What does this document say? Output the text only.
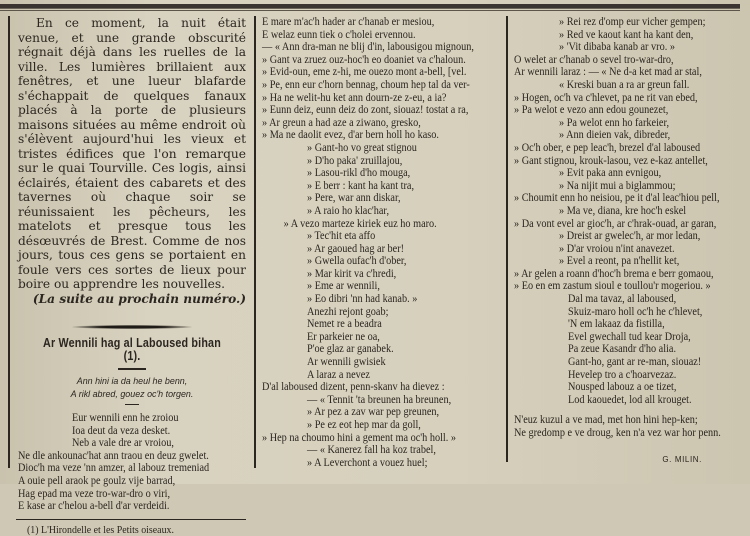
En ce moment, la nuit était venue, et une grande obscurité régnait déjà dans les ruelles de la ville. Les lumières brillaient aux fenêtres, et une lueur blafarde s'échappait de quelques fanaux placés à la porte de plusieurs maisons situées au même endroit où s'élèvent aujourd'hui les vieux et tristes édifices que l'on remarque sur le quai Tourville. Ces logis, ainsi éclairés, étaient des cabarets et des tavernes où chaque soir se réunissaient les pêcheurs, les matelots et presque tous les désœuvrés de Brest. Comme de nos jours, tous ces gens se portaient en foule vers ces sortes de lieux pour boire ou apprendre les nouvelles.

(La suite au prochain numéro.)
Ar Wennili hag al Laboused bihan (1).
Ann hini ia da heul he benn,
A rikl abred, gouez oc'h torgen.
Eur wennili enn he zroiou
Ioa deut da veza desket.
Neb a vale dre ar vroiou,
Ne dle ankounac'hat ann traou en deuz gwelet.
Dioc'h ma veze 'nn amzer, al labouz tremeniad
A ouie pell araok pe goulz vije barrad,
Hag epad ma veze tro-war-dro o viri,
E kase ar c'helou a-bell d'ar verdeidi.
(1) L'Hirondelle et les Petits oiseaux.
E mare m'ac'h hader ar c'hanab er mesiou,
E welaz eunn tiek o c'holei ervennou.
— « Ann dra-man ne blij d'in, labousigou mignoun,
» Gant va zruez ouz-hoc'h eo doaniet va c'haloun.
» Evid-oun, eme z-hi, me ouezo mont a-bell, [vel.
» Pe, enn eur c'horn bennag, choum hep tal da ver-
» Ha ne welit-hu ket ann dourn-ze z-eu, a ia?
» Eunn deiz, eunn deiz do zont, siouaz! tostat a ra,
» Ar greun a had aze a ziwano, gresko,
» Ma ne daolit evez, d'ar bern holl ho kaso.
» Gant-ho vo great stignou
» D'ho paka' zruillajou,
» Lasou-rikl d'ho mouga,
» E berr : kant ha kant tra,
» Pere, war ann diskar,
» A raio ho klac'har,
» A vezo marteze kiriek euz ho maro.
» Tec'hit eta affo
» Ar gaoued hag ar ber!
» Gwella oufac'h d'ober,
» Mar kirit va c'hredi,
» Eme ar wennili,
» Eo dibri 'nn had kanab. »
Anezhi rejont goab;
Nemet re a beadra
Er parkeier ne oa,
P'oe glaz ar ganabek.
Ar wennili gwisiek
A laraz a nevez
D'al laboused dizent, penn-skanv ha dievez :
— « Tennit 'ta breunen ha breunen,
» Ar pez a zav war pep greunen,
» Pe ez eot hep mar da goll,
» Hep na choumo hini a gement ma oc'h holl. »
— « Kanerez fall ha koz trabel,
» A Leverchont a vouez huel;
» Rei rez d'omp eur vicher gempen;
» Red ve kaout kant ha kant den,
» 'Vit dibaba kanab ar vro. »
O welet ar c'hanab o sevel tro-war-dro,
Ar wennili laraz : — « Ne d-a ket mad ar stal,
« Kreski buan a ra ar greun fall.
» Hogen, oc'h va c'hlevet, pa ne rit van ebed,
» Pa welot e vezo ann edou gounezet,
» Pa welot enn ho farkeier,
» Ann dieien vak, dibreder,
» Oc'h ober, e pep leac'h, brezel d'al laboused
» Gant stignou, krouk-lasou, vez e-kaz antellet,
» Evit paka ann evnigou,
» Na nijit mui a biglammou;
» Choumit enn ho neisiou, pe it d'al leac'hiou pell,
» Ma ve, diana, kre hoc'h eskel
» Da vont evel ar gioc'h, ar c'hrak-ouad, ar garan,
» Dreist ar gwelec'h, ar mor ledan,
» D'ar vroiou n'int anavezet.
» Evel a reont, pa n'hellit ket,
» Ar gelen a roann d'hoc'h brema e berr gomaou,
» Eo en em zastum sioul e toullou'r mogeriou. »
Dal ma tavaz, al laboused,
Skuiz-maro holl oc'h he c'hlevet,
'N em lakaaz da fistilla,
Evel gwechall tud kear Droja,
Pa zeue Kasandr d'ho alia.
Gant-ho, gant ar re-man, siouaz!
Hevelep tro a c'hoarvezaz.
Nousped labouz a oe tizet,
Lod kaouedet, lod all krouget.
N'euz kuzul a ve mad, met hon hini hep-ken;
Ne gredomp e ve droug, ken n'a vez war hor penn.
G. MILIN.
